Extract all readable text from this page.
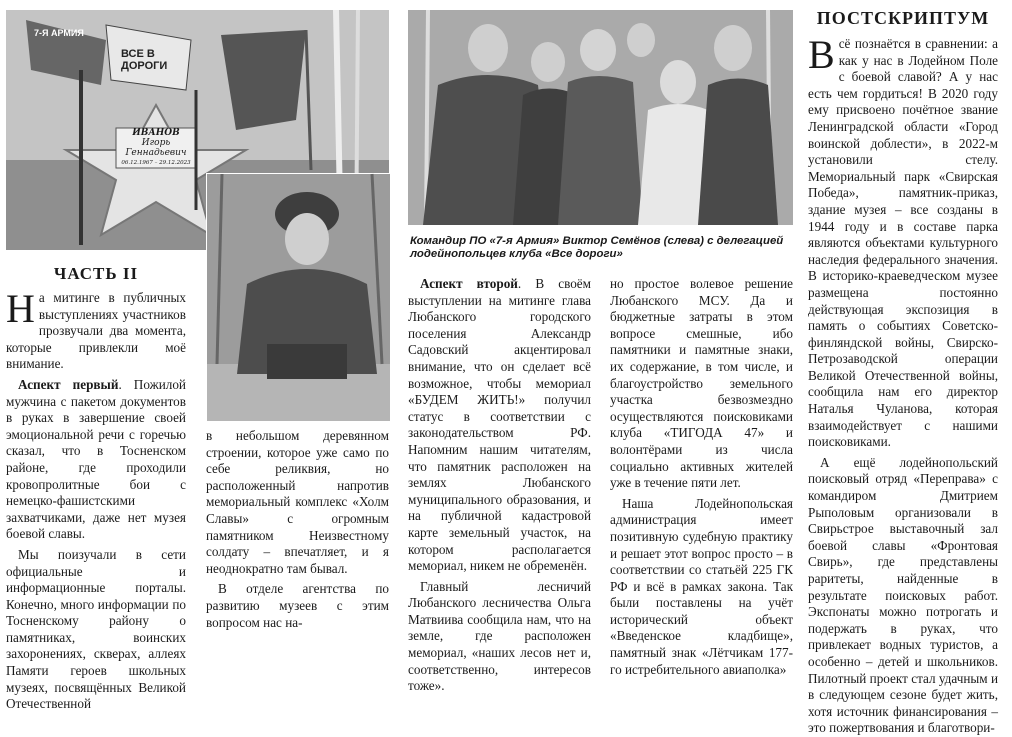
ИВАНОВ
Игорь
Геннадьевич
06.12.1967 – 29.12.2023
7-Я АРМИЯ
ВСЕ В ДОРОГИ
Командир ПО «7-я Армия» Виктор Семёнов (слева) с делегацией лодейнопольцев клуба «Все дороги»
ЧАСТЬ II

На митинге в публичных выступлениях участников прозвучали два момента, которые привлекли моё внимание.

Аспект первый. Пожилой мужчина с пакетом документов в руках в завершение своей эмоциональной речи с горечью сказал, что в Тосненском районе, где проходили кровопролитные бои с немецко-фашистскими захватчиками, даже нет музея боевой славы.

Мы поизучали в сети официальные и информационные порталы. Конечно, много информации по Тосненскому району о памятниках, воинских захоронениях, скверах, аллеях Памяти героев школьных музеях, посвящённых Великой Отечественной

в небольшом деревянном строении, которое уже само по себе реликвия, но расположенный напротив мемориальный комплекс «Холм Славы» с огромным памятником Неизвестному солдату – впечатляет, и я неоднократно там бывал.

В отделе агентства по развитию музеев с этим вопросом нас на-

Аспект второй. В своём выступлении на митинге глава Любанского городского поселения Александр Садовский акцентировал внимание, что он сделает всё возможное, чтобы мемориал «БУДЕМ ЖИТЬ!» получил статус в соответствии с законодательством РФ. Напомним нашим читателям, что памятник расположен на землях Любанского муниципального образования, и на публичной кадастровой карте земельный участок, на котором располагается мемориал, никем не обременён.

Главный лесничий Любанского лесничества Ольга Матвиива сообщила нам, что на земле, где расположен мемориал, «наших лесов нет и, соответственно, интересов тоже».

но простое волевое решение Любанского МСУ. Да и бюджетные затраты в этом вопросе смешные, ибо памятники и памятные знаки, их содержание, в том числе, и благоустройство земельного участка безвозмездно осуществляются поисковиками клуба «ТИГОДА 47» и волонтёрами из числа социально активных жителей уже в течение пяти лет.

Наша Лодейнопольская администрация имеет позитивную судебную практику и решает этот вопрос просто – в соответствии со статьёй 225 ГК РФ и всё в рамках закона. Так были поставлены на учёт исторический объект «Введенское кладбище», памятный знак «Лётчикам 177-го истребительного авиаполка»

ПОСТСКРИПТУМ

Всё познаётся в сравнении: а как у нас в Лодейном Поле с боевой славой? А у нас есть чем гордиться! В 2020 году ему присвоено почётное звание Ленинградской области «Город воинской доблести», в 2022-м установили стелу. Мемориальный парк «Свирская Победа», памятник-приказ, здание музея – все созданы в 1944 году и в составе парка являются объектами культурного наследия федерального значения. В историко-краеведческом музее размещена постоянно действующая экспозиция в память о событиях Советско-финляндской войны, Свирско-Петрозаводской операции Великой Отечественной войны, сообщила нам его директор Наталья Чуланова, которая взаимодействует с нашими поисковиками.

А ещё лодейнопольский поисковый отряд «Переправа» с командиром Дмитрием Рыполовым организовали в Свирьстрое выставочный зал боевой славы «Фронтовая Свирь», где представлены раритеты, найденные в результате поисковых работ. Экспонаты можно потрогать и подержать в руках, что привлекает водных туристов, а особенно – детей и школьников. Пилотный проект стал удачным и в следующем сезоне будет жить, хотя источник финансирования – это пожертвования и благотвори-
